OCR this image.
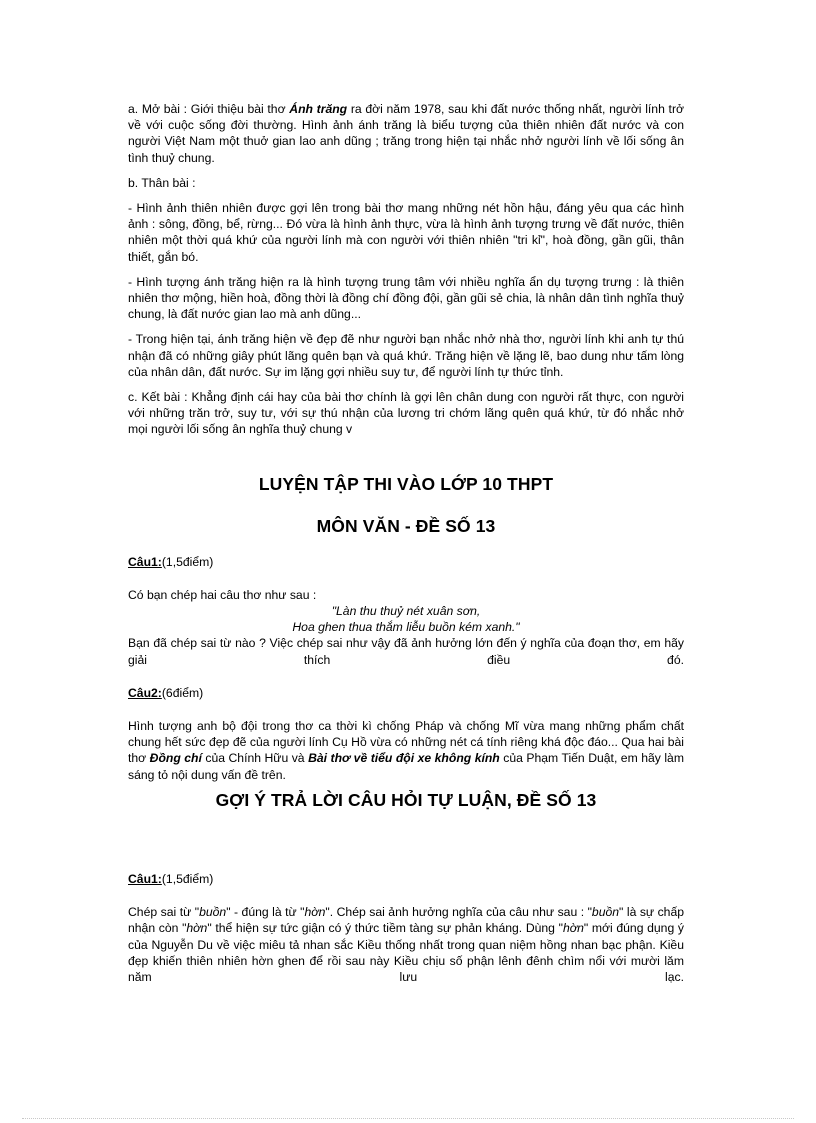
a. Mở bài : Giới thiệu bài thơ Ánh trăng ra đời năm 1978, sau khi đất nước thống nhất, người lính trở về với cuộc sống đời thường. Hình ảnh ánh trăng là biểu tượng của thiên nhiên đất nước và con người Việt Nam một thuở gian lao anh dũng ; trăng trong hiện tại nhắc nhở người lính về lối sống ân tình thuỷ chung.

b. Thân bài :

- Hình ảnh thiên nhiên được gợi lên trong bài thơ mang những nét hồn hậu, đáng yêu qua các hình ảnh : sông, đồng, bể, rừng... Đó vừa là hình ảnh thực, vừa là hình ảnh tượng trưng về đất nước, thiên nhiên một thời quá khứ của người lính mà con người với thiên nhiên "tri kỉ", hoà đồng, gần gũi, thân thiết, gắn bó.

- Hình tượng ánh trăng hiện ra là hình tượng trung tâm với nhiều nghĩa ẩn dụ tượng trưng : là thiên nhiên thơ mộng, hiền hoà, đồng thời là đồng chí đồng đội, gần gũi sẻ chia, là nhân dân tình nghĩa thuỷ chung, là đất nước gian lao mà anh dũng...

- Trong hiện tại, ánh trăng hiện về đẹp đẽ như người bạn nhắc nhở nhà thơ, người lính khi anh tự thú nhận đã có những giây phút lãng quên bạn và quá khứ. Trăng hiện về lặng lẽ, bao dung như tấm lòng của nhân dân, đất nước. Sự im lặng gợi nhiều suy tư, để người lính tự thức tỉnh.

c. Kết bài : Khẳng định cái hay của bài thơ chính là gợi lên chân dung con người rất thực, con người với những trăn trở, suy tư, với sự thú nhận của lương tri chớm lãng quên quá khứ, từ đó nhắc nhở mọi người lối sống ân nghĩa thuỷ chung v

LUYỆN TẬP THI VÀO LỚP 10 THPT
MÔN VĂN - ĐỀ SỐ 13

Câu1:(1,5điểm)

Có bạn chép hai câu thơ như sau :

"Làn thu thuỷ nét xuân sơn,

Hoa ghen thua thắm liễu buồn kém xanh."

Bạn đã chép sai từ nào ? Việc chép sai như vậy đã ảnh hưởng lớn đến ý nghĩa của đoạn thơ, em hãy giải thích điều đó.

Câu2:(6điểm)

Hình tượng anh bộ đội trong thơ ca thời kì chống Pháp và chống Mĩ vừa mang những phẩm chất chung hết sức đẹp đẽ của người lính Cụ Hồ vừa có những nét cá tính riêng khá độc đáo... Qua hai bài thơ Đồng chí của Chính Hữu và Bài thơ về tiểu đội xe không kính của Phạm Tiến Duật, em hãy làm sáng tỏ nội dung vấn đề trên.

GỢI Ý TRẢ LỜI CÂU HỎI TỰ LUẬN, ĐỀ SỐ 13

Câu1:(1,5điểm)

Chép sai từ "buồn" - đúng là từ "hờn". Chép sai ảnh hưởng nghĩa của câu như sau : "buồn" là sự chấp nhận còn "hờn" thể hiện sự tức giận có ý thức tiềm tàng sự phản kháng. Dùng "hờn" mới đúng dụng ý của Nguyễn Du về việc miêu tả nhan sắc Kiều thống nhất trong quan niệm hồng nhan bạc phận. Kiều đẹp khiến thiên nhiên hờn ghen để rồi sau này Kiều chịu số phận lênh đênh chìm nổi với mười lăm năm lưu lạc.
